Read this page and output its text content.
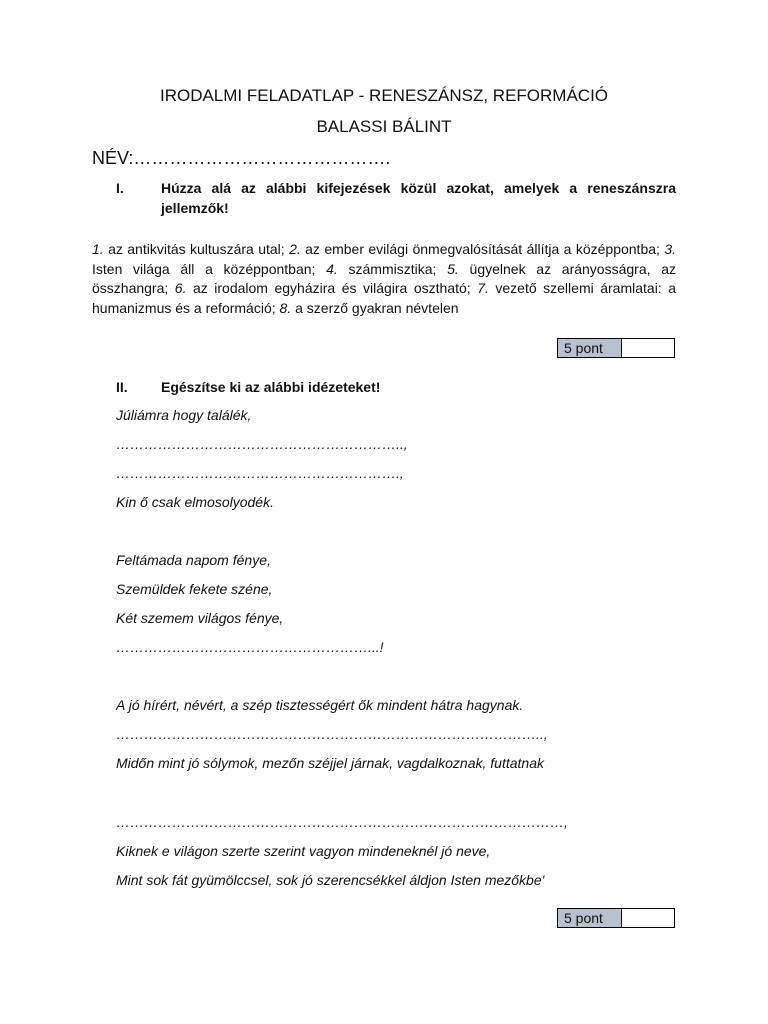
IRODALMI FELADATLAP - RENESZÁNSZ, REFORMÁCIÓ
BALASSI BÁLINT
NÉV:…………………………………….
I.	Húzza alá az alábbi kifejezések közül azokat, amelyek a reneszánszra jellemzők!
1. az antikvitás kultuszára utal; 2. az ember evilági önmegvalósítását állítja a középpontba; 3. Isten világa áll a középpontban; 4. számmisztika; 5. ügyelnek az arányosságra, az összhangra; 6. az irodalom egyházira és világira osztható; 7. vezető szellemi áramlatai: a humanizmus és a reformáció; 8. a szerző gyakran névtelen
5 pont
II. Egészítse ki az alábbi idézeteket!
Júliámra hogy találék,
……………………………………………………..,
…………………………………………………….,
Kin ő csak elmosolyodék.
Feltámada napom fénye,
Szemüldek fekete széne,
Két szemem világos fénye,
………………………………………………...!
A jó hírért, névért, a szép tisztességért ők mindent hátra hagynak.
………………………………………………………………………………..,
Midőn mint jó sólymok, mezőn széjjel járnak, vagdalkoznak, futtatnak
……………………………………………………………………………………,
Kiknek e világon szerte szerint vagyon mindeneknél jó neve,
Mint sok fát gyümölccsel, sok jó szerencsékkel áldjon Isten mezőkbe'
5 pont
